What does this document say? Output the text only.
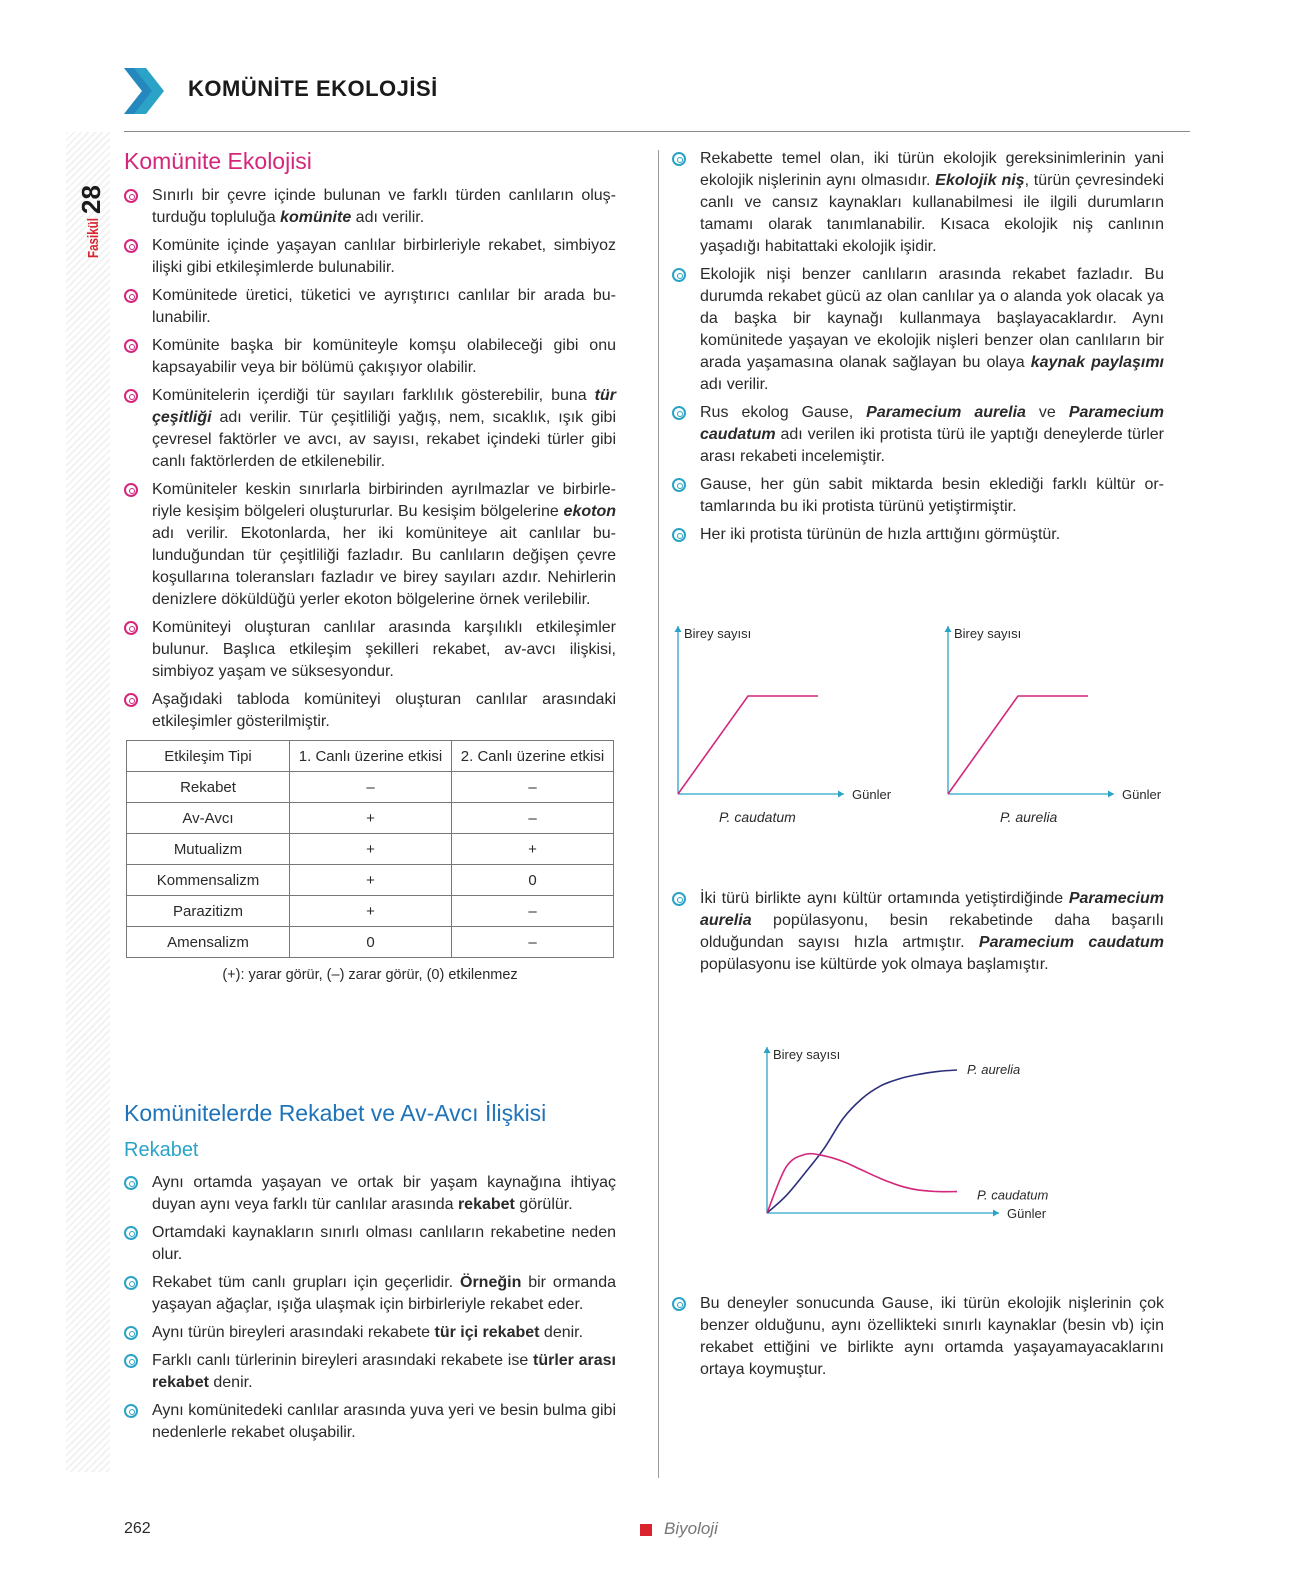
KOMÜNİTE EKOLOJİSİ
28
Fasikül
Komünite Ekolojisi
Sınırlı bir çevre içinde bulunan ve farklı türden canlıların oluşturduğu topluluğa komünite adı verilir.
Komünite içinde yaşayan canlılar birbirleriyle rekabet, simbiyoz ilişki gibi etkileşimlerde bulunabilir.
Komünitede üretici, tüketici ve ayrıştırıcı canlılar bir arada bulunabilir.
Komünite başka bir komüniteyle komşu olabileceği gibi onu kapsayabilir veya bir bölümü çakışıyor olabilir.
Komünitelerin içerdiği tür sayıları farklılık gösterebilir, buna tür çeşitliği adı verilir. Tür çeşitliliği yağış, nem, sıcaklık, ışık gibi çevresel faktörler ve avcı, av sayısı, rekabet içindeki türler gibi canlı faktörlerden de etkilenebilir.
Komüniteler keskin sınırlarla birbirinden ayrılmazlar ve birbirleriyle kesişim bölgeleri oluştururlar. Bu kesişim bölgelerine ekoton adı verilir. Ekotonlarda, her iki komüniteye ait canlılar bulunduğundan tür çeşitliliği fazladır. Bu canlıların değişen çevre koşullarına toleransları fazladır ve birey sayıları azdır. Nehirlerin denizlere döküldüğü yerler ekoton bölgelerine örnek verilebilir.
Komüniteyi oluşturan canlılar arasında karşılıklı etkileşimler bulunur. Başlıca etkileşim şekilleri rekabet, av-avcı ilişkisi, simbiyoz yaşam ve süksesyondur.
Aşağıdaki tabloda komüniteyi oluşturan canlılar arasındaki etkileşimler gösterilmiştir.
Etkileşim Tipi	1. Canlı üzerine etkisi	2. Canlı üzerine etkisi
Rekabet	–	–
Av-Avcı	+	–
Mutualizm	+	+
Kommensalizm	+	0
Parazitizm	+	–
Amensalizm	0	–
(+): yarar görür, (–) zarar görür, (0) etkilenmez
Komünitelerde Rekabet ve Av-Avcı İlişkisi
Rekabet
Aynı ortamda yaşayan ve ortak bir yaşam kaynağına ihtiyaç duyan aynı veya farklı tür canlılar arasında rekabet görülür.
Ortamdaki kaynakların sınırlı olması canlıların rekabetine neden olur.
Rekabet tüm canlı grupları için geçerlidir. Örneğin bir ormanda yaşayan ağaçlar, ışığa ulaşmak için birbirleriyle rekabet eder.
Aynı türün bireyleri arasındaki rekabete tür içi rekabet denir.
Farklı canlı türlerinin bireyleri arasındaki rekabete ise türler arası rekabet denir.
Aynı komünitedeki canlılar arasında yuva yeri ve besin bulma gibi nedenlerle rekabet oluşabilir.
Rekabette temel olan, iki türün ekolojik gereksinimlerinin yani ekolojik nişlerinin aynı olmasıdır. Ekolojik niş, türün çevresindeki canlı ve cansız kaynakları kullanabilmesi ile ilgili durumların tamamı olarak tanımlanabilir. Kısaca ekolojik niş canlının yaşadığı habitattaki ekolojik işidir.
Ekolojik nişi benzer canlıların arasında rekabet fazladır. Bu durumda rekabet gücü az olan canlılar ya o alanda yok olacak ya da başka bir kaynağı kullanmaya başlayacaklardır. Aynı komünitede yaşayan ve ekolojik nişleri benzer olan canlıların bir arada yaşamasına olanak sağlayan bu olaya kaynak paylaşımı adı verilir.
Rus ekolog Gause, Paramecium aurelia ve Paramecium caudatum adı verilen iki protista türü ile yaptığı deneylerde türler arası rekabeti incelemiştir.
Gause, her gün sabit miktarda besin eklediği farklı kültür ortamlarında bu iki protista türünü yetiştirmiştir.
Her iki protista türünün de hızla arttığını görmüştür.
Birey sayısı
Günler
P. caudatum
Birey sayısı
Günler
P. aurelia
İki türü birlikte aynı kültür ortamında yetiştirdiğinde Paramecium aurelia popülasyonu, besin rekabetinde daha başarılı olduğundan sayısı hızla artmıştır. Paramecium caudatum popülasyonu ise kültürde yok olmaya başlamıştır.
Birey sayısı
Günler
P. aurelia
P. caudatum
Bu deneyler sonucunda Gause, iki türün ekolojik nişlerinin çok benzer olduğunu, aynı özellikteki sınırlı kaynaklar (besin vb) için rekabet ettiğini ve birlikte aynı ortamda yaşayamayacaklarını ortaya koymuştur.
262	Biyoloji
